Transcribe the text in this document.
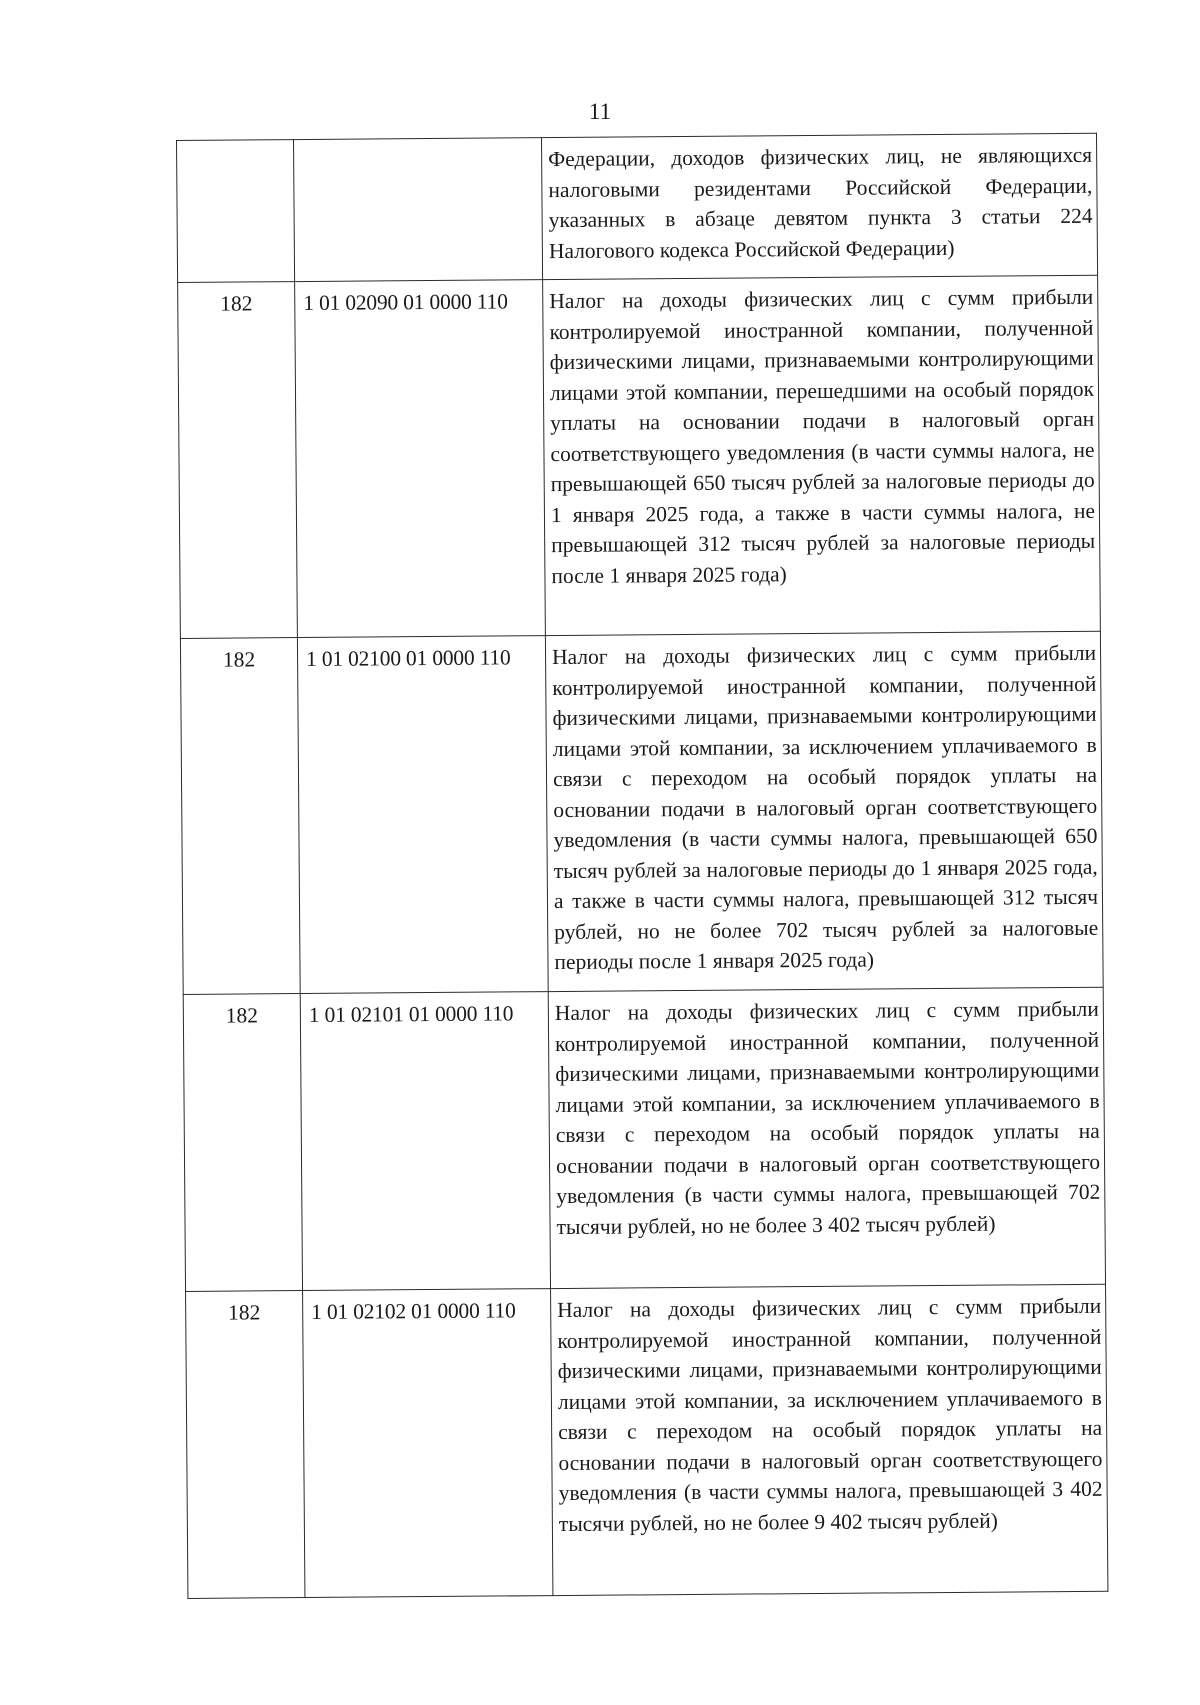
11
		Федерации, доходов физических лиц, не являющихся налоговыми резидентами Российской Федерации, указанных в абзаце девятом пункта 3 статьи 224 Налогового кодекса Российской Федерации)
182	1 01 02090 01 0000 110	Налог на доходы физических лиц с сумм прибыли контролируемой иностранной компании, полученной физическими лицами, признаваемыми контролирующими лицами этой компании, перешедшими на особый порядок уплаты на основании подачи в налоговый орган соответствующего уведомления (в части суммы налога, не превышающей 650 тысяч рублей за налоговые периоды до 1 января 2025 года, а также в части суммы налога, не превышающей 312 тысяч рублей за налоговые периоды после 1 января 2025 года)
182	1 01 02100 01 0000 110	Налог на доходы физических лиц с сумм прибыли контролируемой иностранной компании, полученной физическими лицами, признаваемыми контролирующими лицами этой компании, за исключением уплачиваемого в связи с переходом на особый порядок уплаты на основании подачи в налоговый орган соответствующего уведомления (в части суммы налога, превышающей 650 тысяч рублей за налоговые периоды до 1 января 2025 года, а также в части суммы налога, превышающей 312 тысяч рублей, но не более 702 тысяч рублей за налоговые периоды после 1 января 2025 года)
182	1 01 02101 01 0000 110	Налог на доходы физических лиц с сумм прибыли контролируемой иностранной компании, полученной физическими лицами, признаваемыми контролирующими лицами этой компании, за исключением уплачиваемого в связи с переходом на особый порядок уплаты на основании подачи в налоговый орган соответствующего уведомления (в части суммы налога, превышающей 702 тысячи рублей, но не более 3 402 тысяч рублей)
182	1 01 02102 01 0000 110	Налог на доходы физических лиц с сумм прибыли контролируемой иностранной компании, полученной физическими лицами, признаваемыми контролирующими лицами этой компании, за исключением уплачиваемого в связи с переходом на особый порядок уплаты на основании подачи в налоговый орган соответствующего уведомления (в части суммы налога, превышающей 3 402 тысячи рублей, но не более 9 402 тысяч рублей)
